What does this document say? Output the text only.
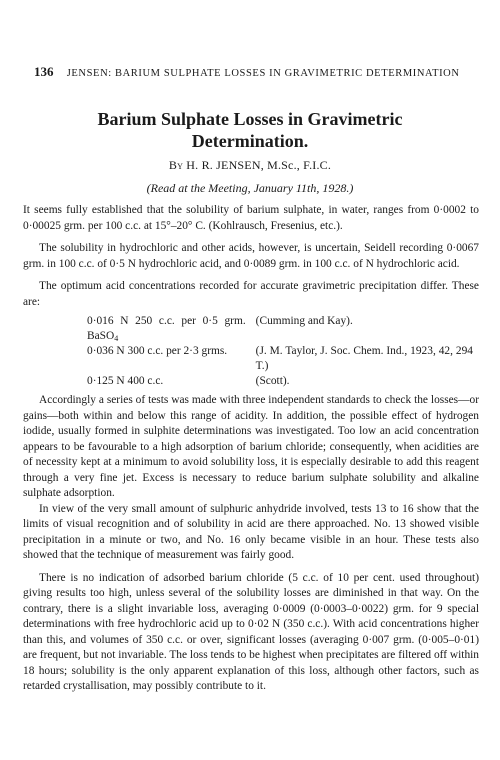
136 JENSEN: BARIUM SULPHATE LOSSES IN GRAVIMETRIC DETERMINATION
Barium Sulphate Losses in Gravimetric
Determination.
By H. R. JENSEN, M.Sc., F.I.C.
(Read at the Meeting, January 11th, 1928.)

It seems fully established that the solubility of barium sulphate, in water, ranges from 0·0002 to 0·00025 grm. per 100 c.c. at 15°–20° C. (Kohlrausch, Fresenius, etc.).

The solubility in hydrochloric and other acids, however, is uncertain, Seidell recording 0·0067 grm. in 100 c.c. of 0·5 N hydrochloric acid, and 0·0089 grm. in 100 c.c. of N hydrochloric acid.

The optimum acid concentrations recorded for accurate gravimetric precipitation differ. These are:

0·016 N 250 c.c. per 0·5 grm. BaSO$_4$	(Cumming and Kay).
0·036 N 300 c.c. per 2·3 grms.	(J. M. Taylor, J. Soc. Chem. Ind., 1923, 42, 294 T.)
0·125 N 400 c.c.	(Scott).

Accordingly a series of tests was made with three independent standards to check the losses—or gains—both within and below this range of acidity. In addition, the possible effect of hydrogen iodide, usually formed in sulphite determinations was investigated. Too low an acid concentration appears to be favourable to a high adsorption of barium chloride; consequently, when acidities are of necessity kept at a minimum to avoid solubility loss, it is especially desirable to add this reagent through a very fine jet. Excess is necessary to reduce barium sulphate solubility and alkaline sulphate adsorption.

In view of the very small amount of sulphuric anhydride involved, tests 13 to 16 show that the limits of visual recognition and of solubility in acid are there approached. No. 13 showed visible precipitation in a minute or two, and No. 16 only became visible in an hour. These tests also showed that the technique of measurement was fairly good.

There is no indication of adsorbed barium chloride (5 c.c. of 10 per cent. used throughout) giving results too high, unless several of the solubility losses are diminished in that way. On the contrary, there is a slight invariable loss, averaging 0·0009 (0·0003–0·0022) grm. for 9 special determinations with free hydrochloric acid up to 0·02 N (350 c.c.). With acid concentrations higher than this, and volumes of 350 c.c. or over, significant losses (averaging 0·007 grm. (0·005–0·01) are frequent, but not invariable. The loss tends to be highest when precipitates are filtered off within 18 hours; solubility is the only apparent explanation of this loss, although other factors, such as retarded crystallisation, may possibly contribute to it.
